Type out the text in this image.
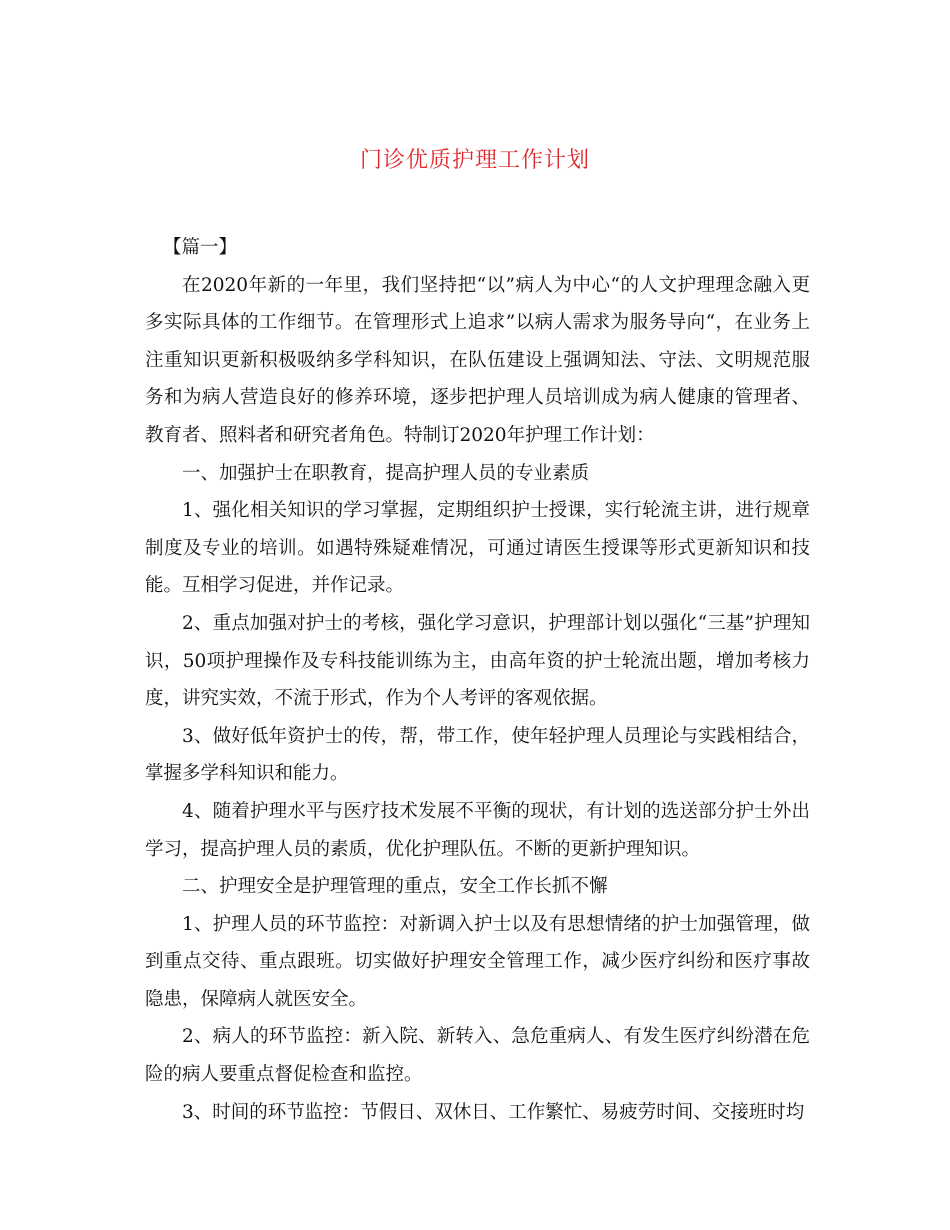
门诊优质护理工作计划

【篇一】

在2020年新的一年里，我们坚持把“以”病人为中心“的人文护理理念融入更多实际具体的工作细节。在管理形式上追求”以病人需求为服务导向“，在业务上注重知识更新积极吸纳多学科知识，在队伍建设上强调知法、守法、文明规范服务和为病人营造良好的修养环境，逐步把护理人员培训成为病人健康的管理者、教育者、照料者和研究者角色。特制订2020年护理工作计划：

一、加强护士在职教育，提高护理人员的专业素质

1、强化相关知识的学习掌握，定期组织护士授课，实行轮流主讲，进行规章制度及专业的培训。如遇特殊疑难情况，可通过请医生授课等形式更新知识和技能。互相学习促进，并作记录。

2、重点加强对护士的考核，强化学习意识，护理部计划以强化“三基”护理知识，50项护理操作及专科技能训练为主，由高年资的护士轮流出题，增加考核力度，讲究实效，不流于形式，作为个人考评的客观依据。

3、做好低年资护士的传，帮，带工作，使年轻护理人员理论与实践相结合，掌握多学科知识和能力。

4、随着护理水平与医疗技术发展不平衡的现状，有计划的选送部分护士外出学习，提高护理人员的素质，优化护理队伍。不断的更新护理知识。

二、护理安全是护理管理的重点，安全工作长抓不懈

1、护理人员的环节监控：对新调入护士以及有思想情绪的护士加强管理，做到重点交待、重点跟班。切实做好护理安全管理工作，减少医疗纠纷和医疗事故隐患，保障病人就医安全。

2、病人的环节监控：新入院、新转入、急危重病人、有发生医疗纠纷潜在危险的病人要重点督促检查和监控。

3、时间的环节监控：节假日、双休日、工作繁忙、易疲劳时间、交接班时均
